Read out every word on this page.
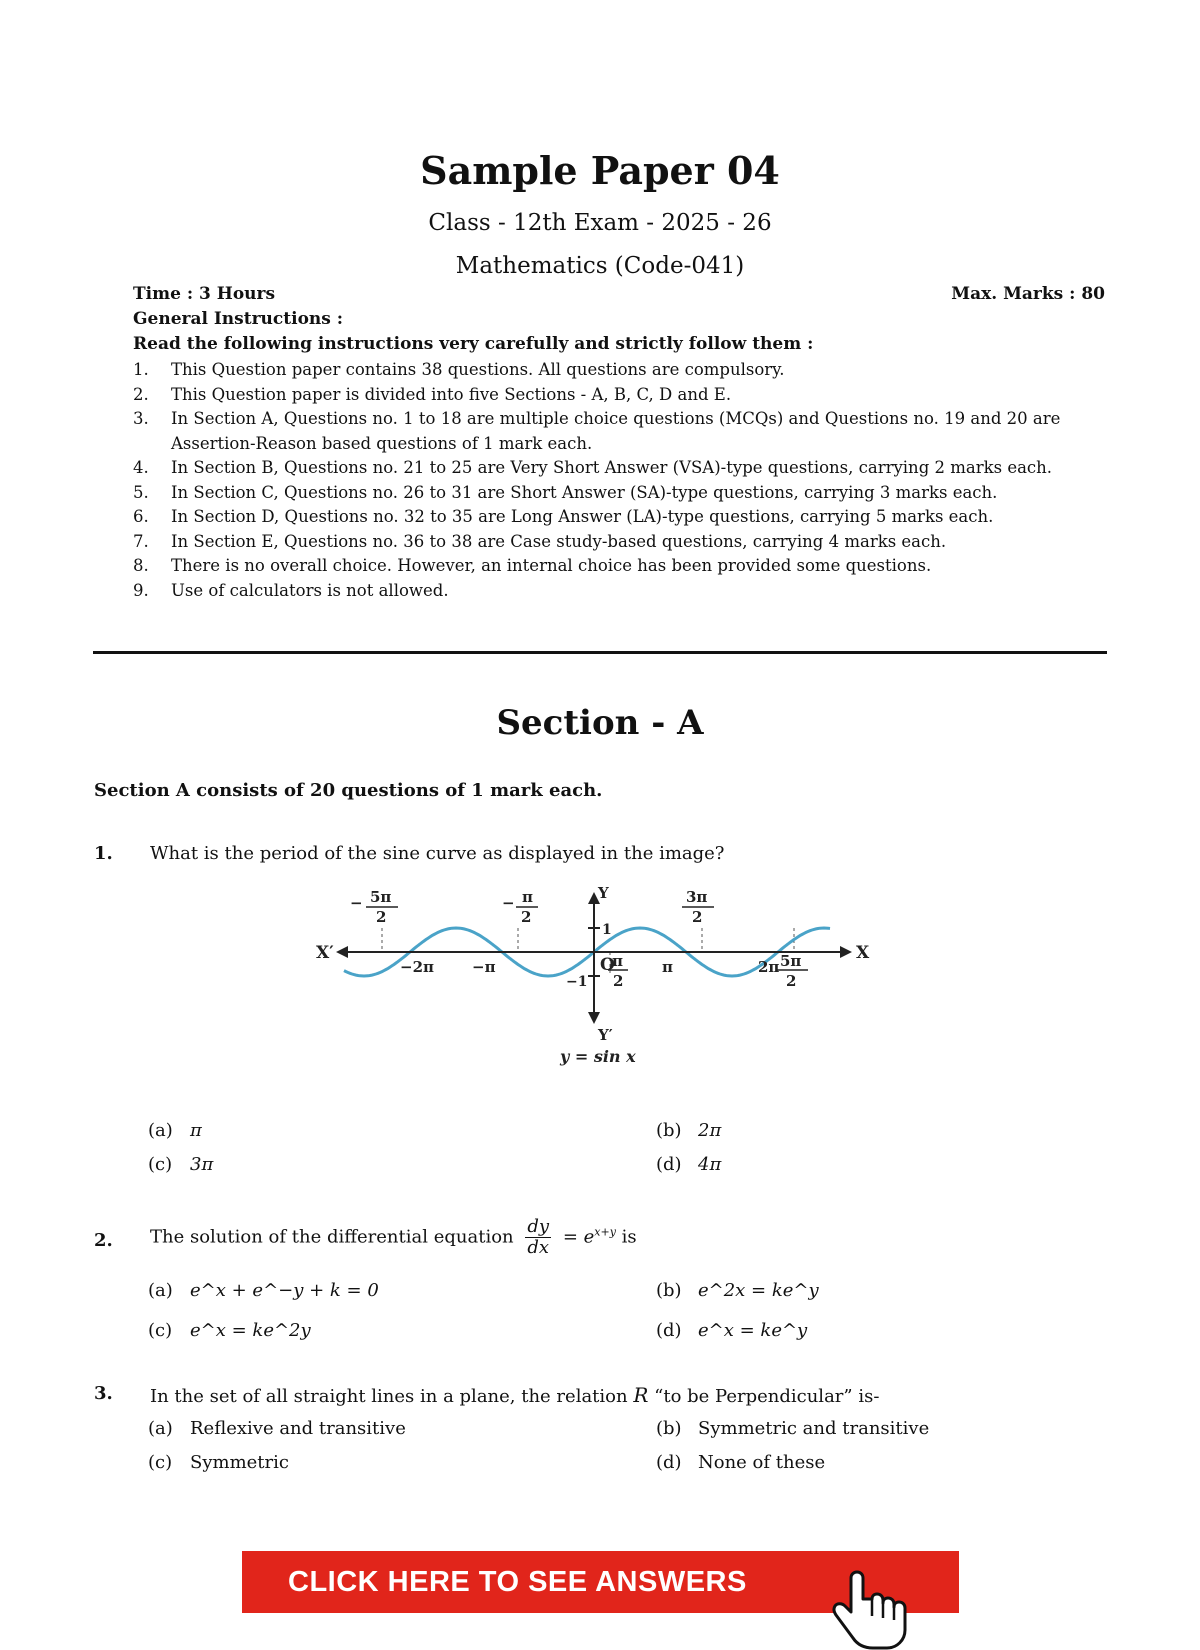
Sample Paper 04
Class - 12th Exam - 2025 - 26
Mathematics (Code-041)
Time : 3 Hours	Max. Marks : 80
General Instructions :
Read the following instructions very carefully and strictly follow them :
1. This Question paper contains 38 questions. All questions are compulsory.
2. This Question paper is divided into five Sections - A, B, C, D and E.
3. In Section A, Questions no. 1 to 18 are multiple choice questions (MCQs) and Questions no. 19 and 20 are Assertion-Reason based questions of 1 mark each.
4. In Section B, Questions no. 21 to 25 are Very Short Answer (VSA)-type questions, carrying 2 marks each.
5. In Section C, Questions no. 26 to 31 are Short Answer (SA)-type questions, carrying 3 marks each.
6. In Section D, Questions no. 32 to 35 are Long Answer (LA)-type questions, carrying 5 marks each.
7. In Section E, Questions no. 36 to 38 are Case study-based questions, carrying 4 marks each.
8. There is no overall choice. However, an internal choice has been provided some questions.
9. Use of calculators is not allowed.
Section - A
Section A consists of 20 questions of 1 mark each.
1. What is the period of the sine curve as displayed in the image?
X
X′
Y
Y′
O
1
−1
−2π	−π	π	2π
− 5π
2
− π
2
3π
2
π
2
5π
2
y = sin x
(a) π	(b) 2π
(c) 3π	(d) 4π
2. The solution of the differential equation $\frac{dy}{dx} = e^{x+y}$ is
(a) e^x + e^−y + k = 0	(b) e^2x = ke^y
(c) e^x = ke^2y	(d) e^x = ke^y
3. In the set of all straight lines in a plane, the relation R “to be Perpendicular” is-
(a) Reflexive and transitive	(b) Symmetric and transitive
(c) Symmetric	(d) None of these
CLICK HERE TO SEE ANSWERS
